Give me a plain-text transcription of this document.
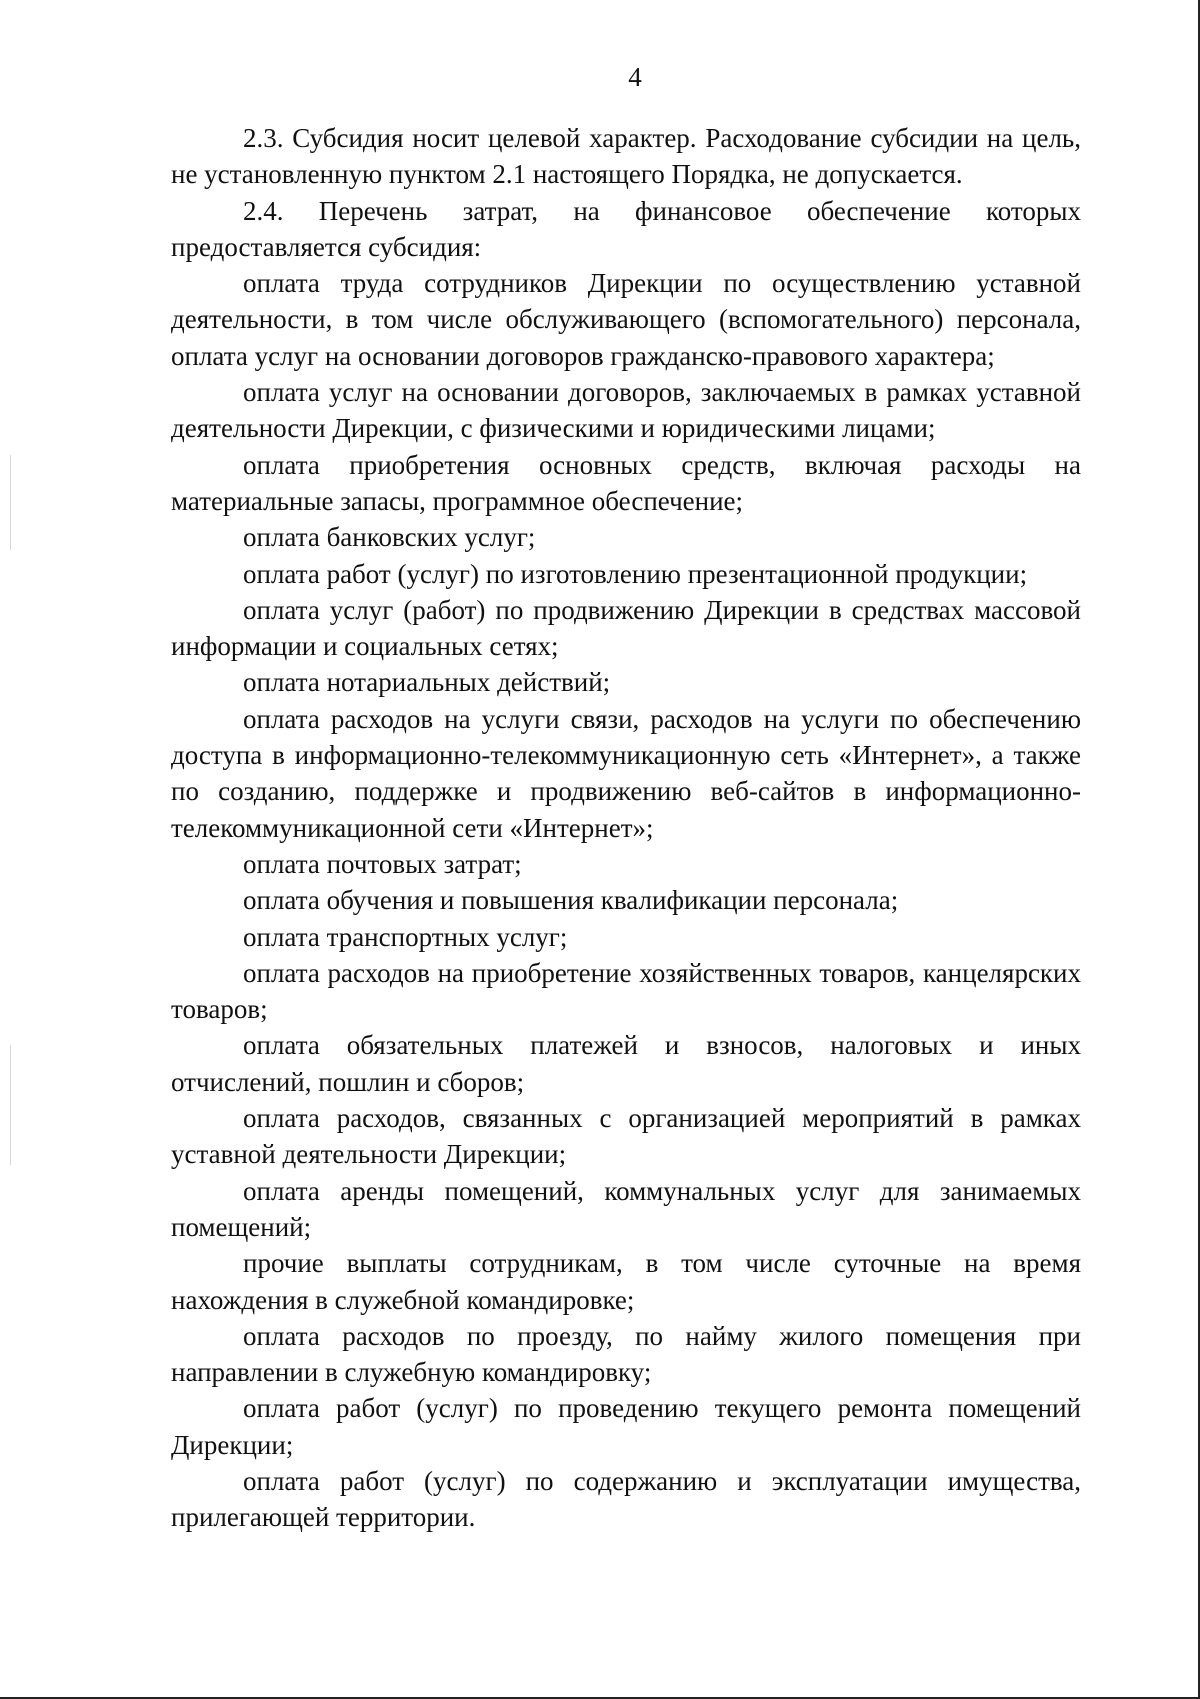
4

2.3. Субсидия носит целевой характер. Расходование субсидии на цель, не установленную пунктом 2.1 настоящего Порядка, не допускается.

2.4. Перечень затрат, на финансовое обеспечение которых предоставляется субсидия:

оплата труда сотрудников Дирекции по осуществлению уставной деятельности, в том числе обслуживающего (вспомогательного) персонала, оплата услуг на основании договоров гражданско-правового характера;

оплата услуг на основании договоров, заключаемых в рамках уставной деятельности Дирекции, с физическими и юридическими лицами;

оплата приобретения основных средств, включая расходы на материальные запасы, программное обеспечение;

оплата банковских услуг;

оплата работ (услуг) по изготовлению презентационной продукции;

оплата услуг (работ) по продвижению Дирекции в средствах массовой информации и социальных сетях;

оплата нотариальных действий;

оплата расходов на услуги связи, расходов на услуги по обеспечению доступа в информационно-телекоммуникационную сеть «Интернет», а также по созданию, поддержке и продвижению веб-сайтов в информационно-телекоммуникационной сети «Интернет»;

оплата почтовых затрат;

оплата обучения и повышения квалификации персонала;

оплата транспортных услуг;

оплата расходов на приобретение хозяйственных товаров, канцелярских товаров;

оплата обязательных платежей и взносов, налоговых и иных отчислений, пошлин и сборов;

оплата расходов, связанных с организацией мероприятий в рамках уставной деятельности Дирекции;

оплата аренды помещений, коммунальных услуг для занимаемых помещений;

прочие выплаты сотрудникам, в том числе суточные на время нахождения в служебной командировке;

оплата расходов по проезду, по найму жилого помещения при направлении в служебную командировку;

оплата работ (услуг) по проведению текущего ремонта помещений Дирекции;

оплата работ (услуг) по содержанию и эксплуатации имущества, прилегающей территории.
